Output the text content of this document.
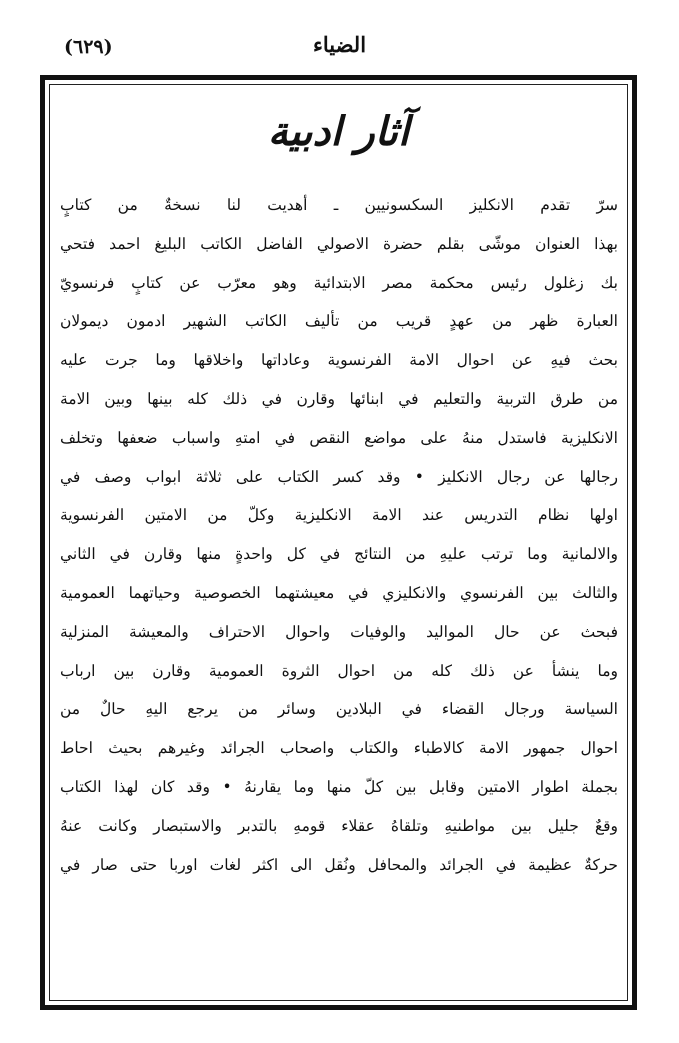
(٦٢٩)	الضياء
آثار ادبية
سرّ تقدم الانكليز السكسونيين ـ أهديت لنا نسخةٌ من كتابٍ
بهذا العنوان موشّى بقلم حضرة الاصولي الفاضل الكاتب البليغ احمد فتحي
بك زغلول رئيس محكمة مصر الابتدائية وهو معرّب عن كتابٍ فرنسويّ
العبارة ظهر من عهدٍ قريب من تأليف الكاتب الشهير ادمون ديمولان
بحث فيهِ عن احوال الامة الفرنسوية وعاداتها واخلاقها وما جرت عليه
من طرق التربية والتعليم في ابنائها وقارن في ذلك كله بينها وبين الامة
الانكليزية فاستدل منهُ على مواضع النقص في امتهِ واسباب ضعفها وتخلف
رجالها عن رجال الانكليز • وقد كسر الكتاب على ثلاثة ابواب وصف في
اولها نظام التدريس عند الامة الانكليزية وكلّ من الامتين الفرنسوية
والالمانية وما ترتب عليهِ من النتائج في كل واحدةٍ منها وقارن في الثاني
والثالث بين الفرنسوي والانكليزي في معيشتهما الخصوصية وحياتهما العمومية
فبحث عن حال المواليد والوفيات واحوال الاحتراف والمعيشة المنزلية
وما ينشأ عن ذلك كله من احوال الثروة العمومية وقارن بين ارباب
السياسة ورجال القضاء في البلادين وسائر من يرجع اليهِ حالٌ من
احوال جمهور الامة كالاطباء والكتاب واصحاب الجرائد وغيرهم بحيث احاط
بجملة اطوار الامتين وقابل بين كلّ منها وما يقارنهُ • وقد كان لهذا الكتاب
وقعٌ جليل بين مواطنيهِ وتلقاهُ عقلاء قومهِ بالتدبر والاستبصار وكانت عنهُ
حركةٌ عظيمة في الجرائد والمحافل ونُقل الى اكثر لغات اوربا حتى صار في
